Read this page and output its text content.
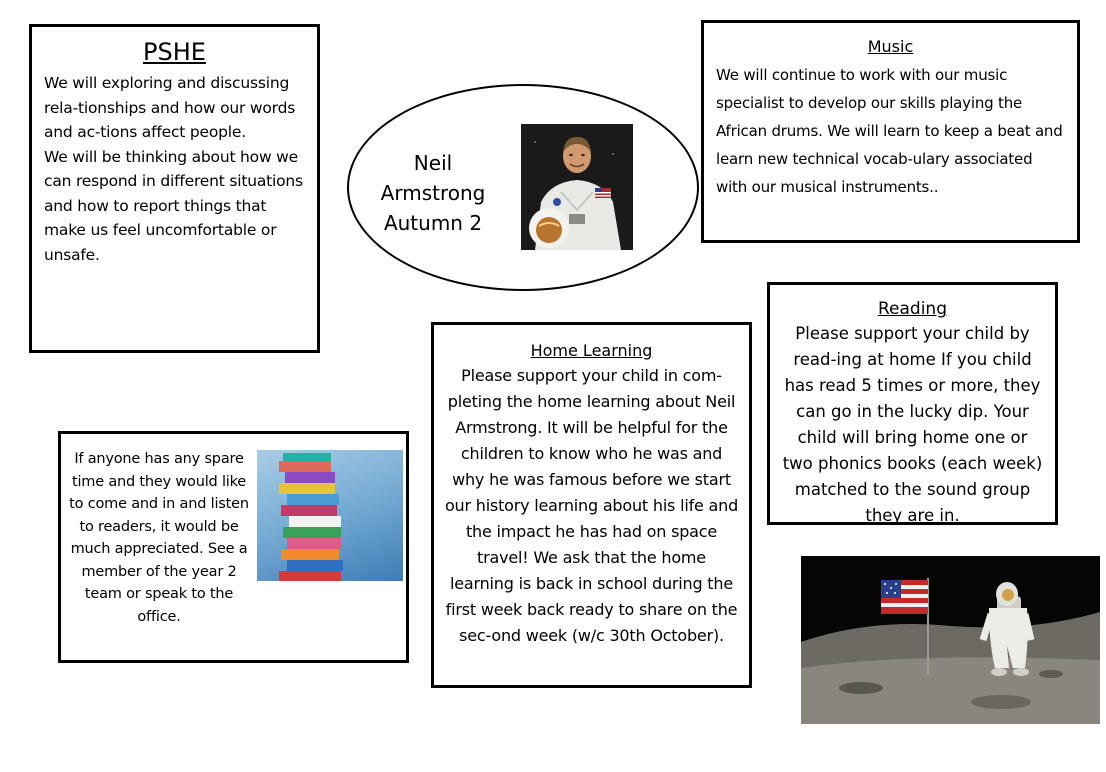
PSHE

We will exploring and discussing rela-tionships and how our words and ac-tions affect people.

We will be thinking about how we can respond in different situations and how to report things that make us feel uncomfortable or unsafe.

Neil Armstrong
Autumn 2
Music

We will continue to work with our music specialist to develop our skills playing the African drums. We will learn to keep a beat and learn new technical vocab-ulary associated with our musical instruments..

Reading

Please support your child by read-ing at home If you child has read 5 times or more, they can go in the lucky dip. Your child will bring home one or two phonics books (each week) matched to the sound group they are in.

Home Learning

Please support your child in com-pleting the home learning about Neil Armstrong. It will be helpful for the children to know who he was and why he was famous before we start our history learning about his life and the impact he has had on space travel! We ask that the home learning is back in school during the first week back ready to share on the sec-ond week (w/c 30th October).

If anyone has any spare time and they would like to come and in and listen to readers, it would be much appreciated. See a member of the year 2 team or speak to the office.
